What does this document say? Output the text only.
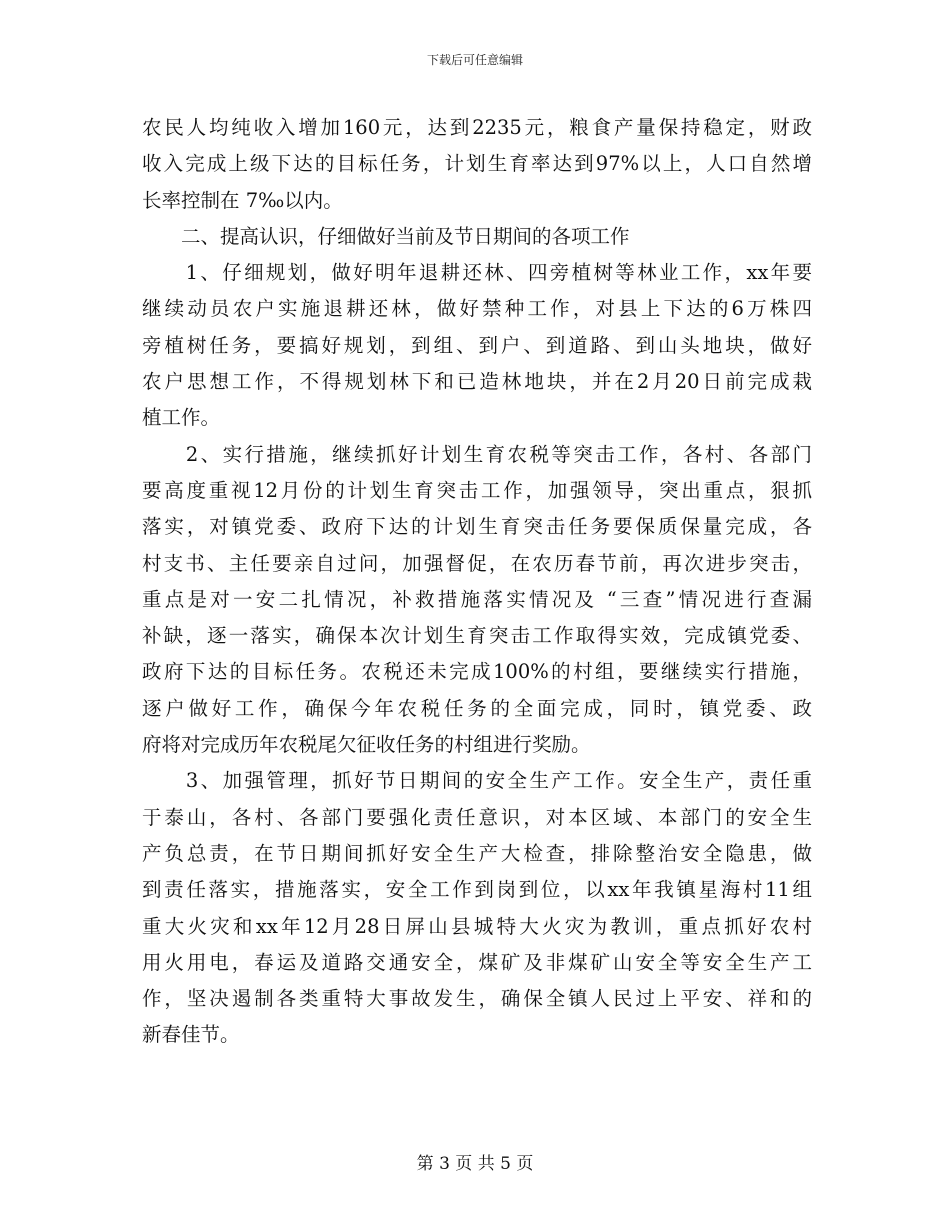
下载后可任意编辑
农民人均纯收入增加160元，达到2235元，粮食产量保持稳定，财政
收入完成上级下达的目标任务，计划生育率达到97%以上，人口自然增
长率控制在 7‰以内。
　　二、提高认识，仔细做好当前及节日期间的各项工作
　　1、仔细规划，做好明年退耕还林、四旁植树等林业工作，xx年要
继续动员农户实施退耕还林，做好禁种工作，对县上下达的6万株四
旁植树任务，要搞好规划，到组、到户、到道路、到山头地块，做好
农户思想工作，不得规划林下和已造林地块，并在2月20日前完成栽
植工作。
　　2、实行措施，继续抓好计划生育农税等突击工作，各村、各部门
要高度重视12月份的计划生育突击工作，加强领导，突出重点，狠抓
落实，对镇党委、政府下达的计划生育突击任务要保质保量完成，各
村支书、主任要亲自过问，加强督促，在农历春节前，再次进步突击，
重点是对一安二扎情况，补救措施落实情况及 “三查”情况进行查漏
补缺，逐一落实，确保本次计划生育突击工作取得实效，完成镇党委、
政府下达的目标任务。农税还未完成100%的村组，要继续实行措施，
逐户做好工作，确保今年农税任务的全面完成，同时，镇党委、政
府将对完成历年农税尾欠征收任务的村组进行奖励。
　　3、加强管理，抓好节日期间的安全生产工作。安全生产，责任重
于泰山，各村、各部门要强化责任意识，对本区域、本部门的安全生
产负总责，在节日期间抓好安全生产大检查，排除整治安全隐患，做
到责任落实，措施落实，安全工作到岗到位，以xx年我镇星海村11组
重大火灾和xx年12月28日屏山县城特大火灾为教训，重点抓好农村
用火用电，春运及道路交通安全，煤矿及非煤矿山安全等安全生产工
作，坚决遏制各类重特大事故发生，确保全镇人民过上平安、祥和的
新春佳节。
第 3 页 共 5 页
